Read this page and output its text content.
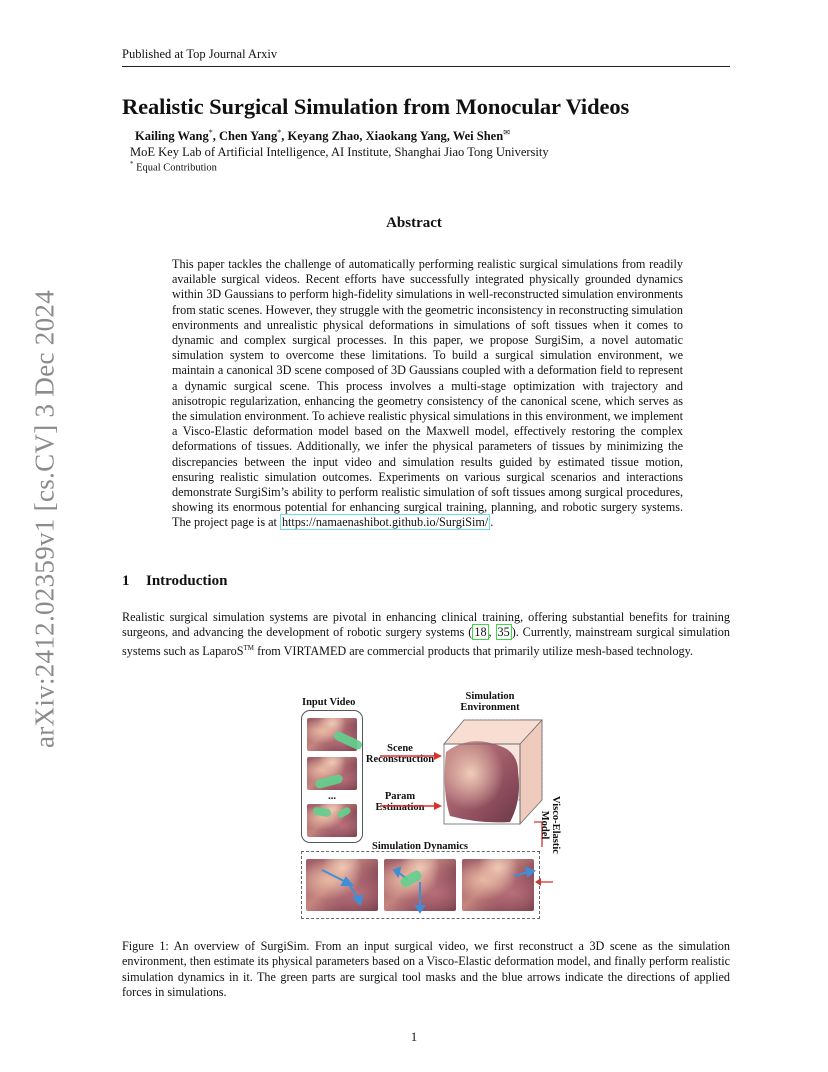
Published at Top Journal Arxiv
arXiv:2412.02359v1 [cs.CV] 3 Dec 2024
Realistic Surgical Simulation from Monocular Videos
Kailing Wang*, Chen Yang*, Keyang Zhao, Xiaokang Yang, Wei Shen✉
MoE Key Lab of Artificial Intelligence, AI Institute, Shanghai Jiao Tong University
* Equal Contribution
Abstract
This paper tackles the challenge of automatically performing realistic surgical simulations from readily available surgical videos. Recent efforts have successfully integrated physically grounded dynamics within 3D Gaussians to perform high-fidelity simulations in well-reconstructed simulation environments from static scenes. However, they struggle with the geometric inconsistency in reconstructing simulation environments and unrealistic physical deformations in simulations of soft tissues when it comes to dynamic and complex surgical processes. In this paper, we propose SurgiSim, a novel automatic simulation system to overcome these limitations. To build a surgical simulation environment, we maintain a canonical 3D scene composed of 3D Gaussians coupled with a deformation field to represent a dynamic surgical scene. This process involves a multi-stage optimization with trajectory and anisotropic regularization, enhancing the geometry consistency of the canonical scene, which serves as the simulation environment. To achieve realistic physical simulations in this environment, we implement a Visco-Elastic deformation model based on the Maxwell model, effectively restoring the complex deformations of tissues. Additionally, we infer the physical parameters of tissues by minimizing the discrepancies between the input video and simulation results guided by estimated tissue motion, ensuring realistic simulation outcomes. Experiments on various surgical scenarios and interactions demonstrate SurgiSim’s ability to perform realistic simulation of soft tissues among surgical procedures, showing its enormous potential for enhancing surgical training, planning, and robotic surgery systems. The project page is at https://namaenashibot.github.io/SurgiSim/ .
1 Introduction
Realistic surgical simulation systems are pivotal in enhancing clinical training, offering substantial benefits for training surgeons, and advancing the development of robotic surgery systems ( 18 , 35 ). Currently, mainstream surgical simulation systems such as LaparoS™ from VIRTAMED are commercial products that primarily utilize mesh-based technology.
Input Video
...
Simulation
Environment
Scene
Reconstruction
Param
Estimation	Visco-Elastic
Model
Simulation Dynamics
Figure 1: An overview of SurgiSim. From an input surgical video, we first reconstruct a 3D scene as the simulation environment, then estimate its physical parameters based on a Visco-Elastic deformation model, and finally perform realistic simulation dynamics in it. The green parts are surgical tool masks and the blue arrows indicate the directions of applied forces in simulations.
1
